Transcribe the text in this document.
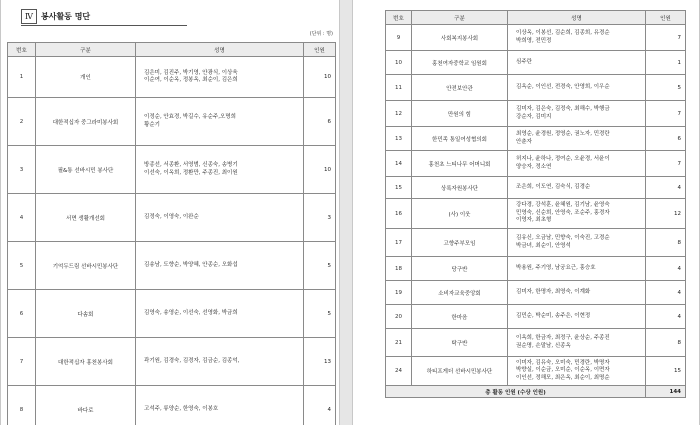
Ⅳ	봉사활동 명단
(단위 : 명)
번호	구분	성명	인원
1	개인	김은미, 김진주, 박기영, 안광식, 이상욱
이순여, 이순옥, 정봉옥, 최순이, 김은희	10
2	대한적십자 중그라미봉사회	이정순, 안효경, 박길수, 유순주,오명희
황순기	6
3	필&통 선바시민 봉사단	방종선, 서종환, 서영범, 신종숙, 송병기
이선숙, 이옥희, 정환만, 주종진, 최이원	10
4	서면 생활개선회	김정숙, 이영숙, 이완순	3
5	기억두드림 선바시민봉사단	김송남, 도향순, 박양혜, 안종순, 오화섭	5
6	다솜회	김영숙, 송영순, 이선숙, 선영화, 박금희	5
7	대한적십자 홍천봉사회	곽기원, 김경숙, 김경자, 김금순, 김종억,	13
8	바다로	고석주, 류양순, 한영숙, 이봉호	4
번호	구분	성명	인원
9	사회복지봉사회	이상옥, 이봉선, 김순희, 김종희, 유경순
박희영, 전민정	7
10	홍천여자중학교 임원회	심주란	1
11	안전보안관	김옥순, 이인선, 전경숙, 안영희, 이우순	5
12	만원의 힘	김미자, 김은숙, 김정숙, 최해수, 박행금
강순자, 김미지	7
13	한민족 통일여성협의회	최영순, 윤경원, 정영순, 권노자, 민경란
안춘자	6
14	홍천초 느티나무 어머니회	허지나, 윤하나, 정여순, 오윤경, 서윤이
양승자, 정소연	7
15	상록자원봉사단	조은희, 이도연, 김숙식, 김경순	4
16	(사) 이웃	강다경, 강석훈, 윤혜원, 김기남, 윤영숙
민영숙, 신순희, 안영숙, 조순주, 홍경자
이영자, 최초형	12
17	고향주부모임	김유신, 오금남, 민향숙, 이숙진, 고경순
박금녀, 최순이, 안영석	8
18	당구반	박용원, 주기영, 남궁요근, 홍승호	4
19	소비자교육중앙회	김미자, 한명자, 최영숙, 이계화	4
20	한마음	김민순, 박순미, 송주은, 이현정	4
21	탁구반	이옥희, 한금자, 최정구, 윤상순, 주종진
권순명, 손말남, 신종옥	8
24	하티프게더 선바시민봉사단	이미자, 김유숙, 오미숙, 민경란, 박명자
박향실, 이순금, 오미순, 이순옥, 이면자
이인선, 정해모, 최은옥, 최순이, 최명순	15
총 활동 인원 (수상 인원)			144
